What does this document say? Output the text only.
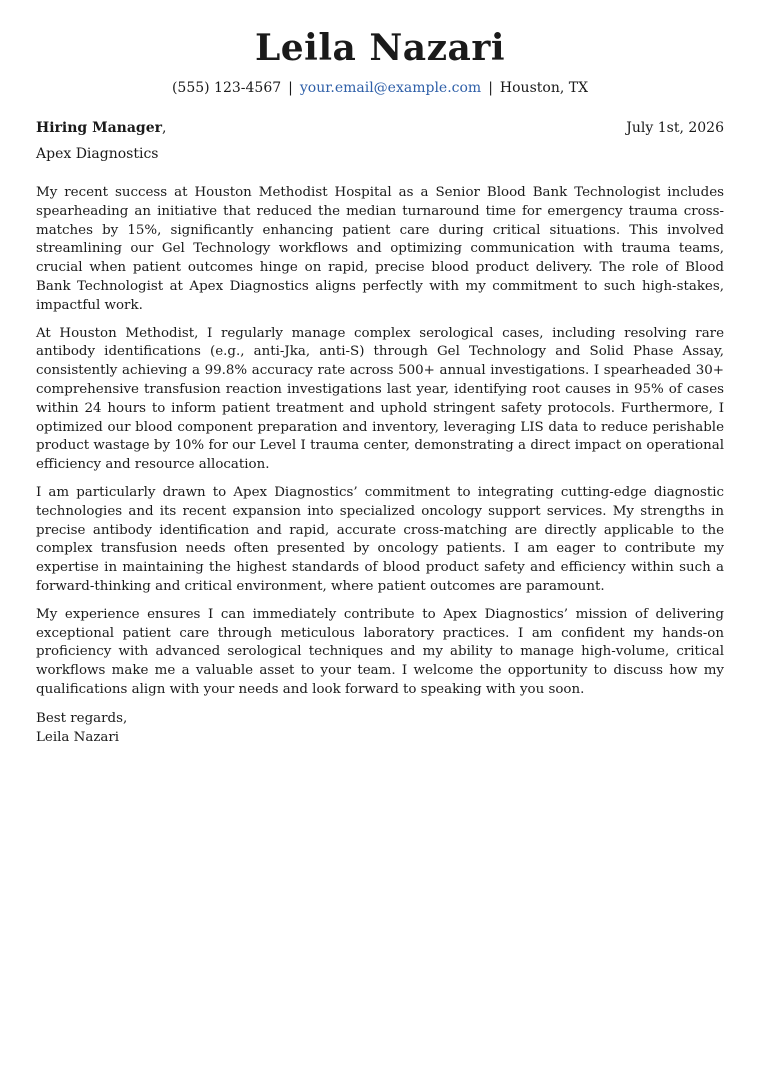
Leila Nazari
(555) 123-4567 | your.email@example.com | Houston, TX
Hiring Manager,	July 1st, 2026
Apex Diagnostics

My recent success at Houston Methodist Hospital as a Senior Blood Bank Technologist includes spearheading an initiative that reduced the median turnaround time for emergency trauma cross-matches by 15%, significantly enhancing patient care during critical situations. This involved streamlining our Gel Technology workflows and optimizing communication with trauma teams, crucial when patient outcomes hinge on rapid, precise blood product delivery. The role of Blood Bank Technologist at Apex Diagnostics aligns perfectly with my commitment to such high-stakes, impactful work.

At Houston Methodist, I regularly manage complex serological cases, including resolving rare antibody identifications (e.g., anti-Jka, anti-S) through Gel Technology and Solid Phase Assay, consistently achieving a 99.8% accuracy rate across 500+ annual investigations. I spearheaded 30+ comprehensive transfusion reaction investigations last year, identifying root causes in 95% of cases within 24 hours to inform patient treatment and uphold stringent safety protocols. Furthermore, I optimized our blood component preparation and inventory, leveraging LIS data to reduce perishable product wastage by 10% for our Level I trauma center, demonstrating a direct impact on operational efficiency and resource allocation.

I am particularly drawn to Apex Diagnostics’ commitment to integrating cutting-edge diagnostic technologies and its recent expansion into specialized oncology support services. My strengths in precise antibody identification and rapid, accurate cross-matching are directly applicable to the complex transfusion needs often presented by oncology patients. I am eager to contribute my expertise in maintaining the highest standards of blood product safety and efficiency within such a forward-thinking and critical environment, where patient outcomes are paramount.

My experience ensures I can immediately contribute to Apex Diagnostics’ mission of delivering exceptional patient care through meticulous laboratory practices. I am confident my hands-on proficiency with advanced serological techniques and my ability to manage high-volume, critical workflows make me a valuable asset to your team. I welcome the opportunity to discuss how my qualifications align with your needs and look forward to speaking with you soon.

Best regards,
Leila Nazari
